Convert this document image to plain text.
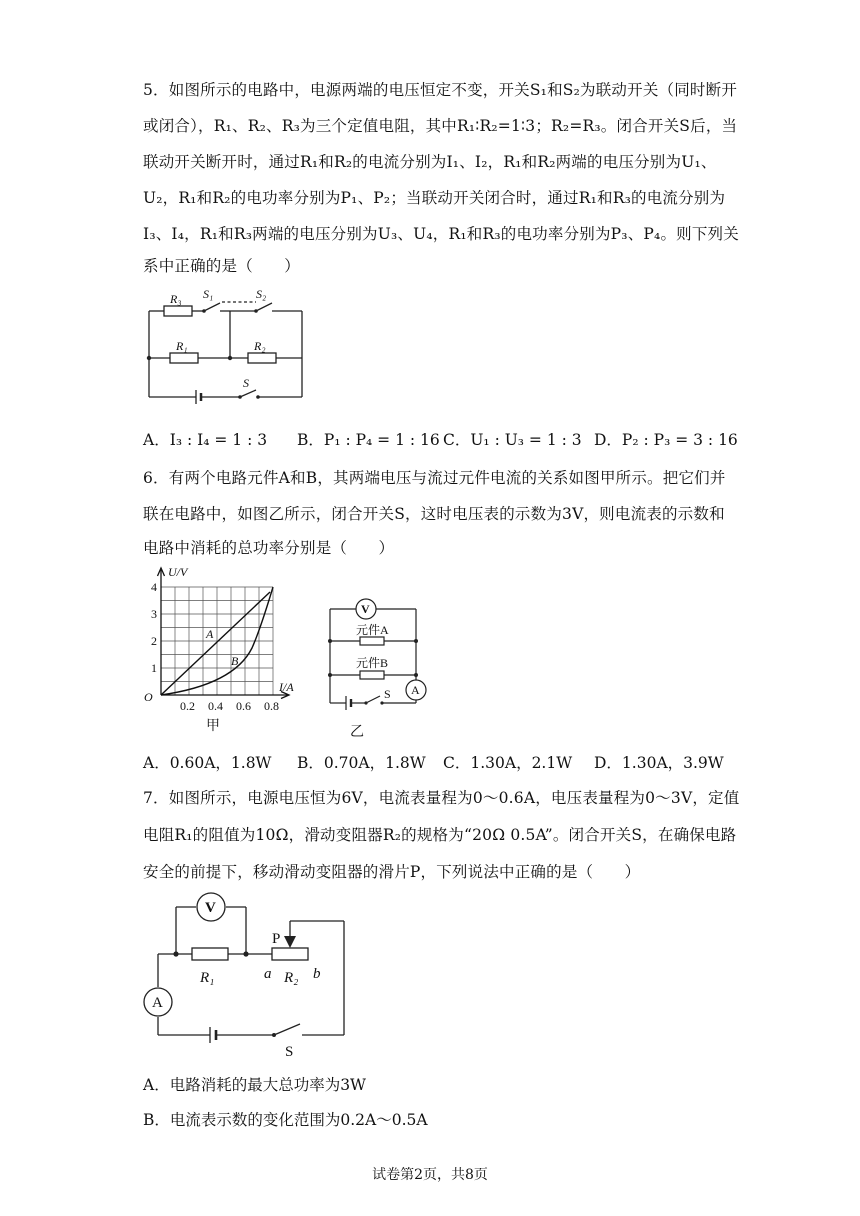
5．如图所示的电路中，电源两端的电压恒定不变，开关S₁和S₂为联动开关（同时断开
或闭合），R₁、R₂、R₃为三个定值电阻，其中R₁∶R₂=1∶3；R₂=R₃。闭合开关S后，当
联动开关断开时，通过R₁和R₂的电流分别为I₁、I₂，R₁和R₂两端的电压分别为U₁、
U₂，R₁和R₂的电功率分别为P₁、P₂；当联动开关闭合时，通过R₁和R₃的电流分别为
I₃、I₄，R₁和R₃两端的电压分别为U₃、U₄，R₁和R₃的电功率分别为P₃、P₄。则下列关
系中正确的是（　　）
R₃ S₁	S₂
R₁	R₂
S
A．I₃ : I₄ = 1 : 3 B．P₁ : P₄ = 1 : 16 C．U₁ : U₃ = 1 : 3 D．P₂ : P₃ = 3 : 16
6．有两个电路元件A和B，其两端电压与流过元件电流的关系如图甲所示。把它们并
联在电路中，如图乙所示，闭合开关S，这时电压表的示数为3V，则电流表的示数和
电路中消耗的总功率分别是（　　）
U/V
I/A
O
1
2
3
4
0.2 0.4 0.6 0.8
A
B
甲
V
元件A
元件B
A
S
乙
A．0.60A，1.8W B．0.70A，1.8W C．1.30A，2.1W D．1.30A，3.9W
7．如图所示，电源电压恒为6V，电流表量程为0～0.6A，电压表量程为0～3V，定值
电阻R₁的阻值为10Ω，滑动变阻器R₂的规格为“20Ω 0.5A”。闭合开关S，在确保电路
安全的前提下，移动滑动变阻器的滑片P，下列说法中正确的是（　　）
V
P
R₁	a R₂ b
A
S
A．电路消耗的最大总功率为3W
B．电流表示数的变化范围为0.2A～0.5A
试卷第2页，共8页
